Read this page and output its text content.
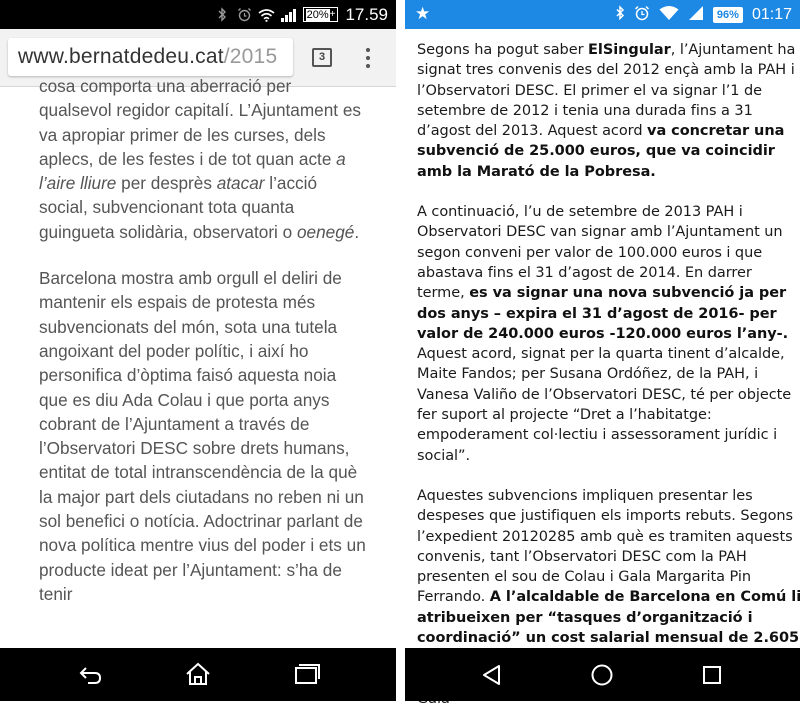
20% + 17.59
www.bernatdedeu.cat/2015	3

cosa comporta una aberració per

qualsevol regidor capitalí. L’Ajuntament es va apropiar primer de les curses, dels aplecs, de les festes i de tot quan acte a l’aire lliure per desprès atacar l’acció social, subvencionant tota quanta guingueta solidària, observatori o oenegé.

Barcelona mostra amb orgull el deliri de mantenir els espais de protesta més subvencionats del món, sota una tutela angoixant del poder polític, i així ho personifica d’òptima faisó aquesta noia que es diu Ada Colau i que porta anys cobrant de l’Ajuntament a través de l’Observatori DESC sobre drets humans, entitat de total intranscendència de la què la major part dels ciutadans no reben ni un sol benefici o notícia. Adoctrinar parlant de nova política mentre vius del poder i ets un producte ideat per l’Ajuntament: s’ha de tenir

★	96% 01:17

Segons ha pogut saber ElSingular, l’Ajuntament ha signat tres convenis des del 2012 ençà amb la PAH i l’Observatori DESC. El primer el va signar l’1 de setembre de 2012 i tenia una durada fins a 31 d’agost del 2013. Aquest acord va concretar una subvenció de 25.000 euros, que va coincidir amb la Marató de la Pobresa.

A continuació, l’u de setembre de 2013 PAH i Observatori DESC van signar amb l’Ajuntament un segon conveni per valor de 100.000 euros i que abastava fins el 31 d’agost de 2014. En darrer terme, es va signar una nova subvenció ja per dos anys – expira el 31 d’agost de 2016- per valor de 240.000 euros -120.000 euros l’any-. Aquest acord, signat per la quarta tinent d’alcalde, Maite Fandos; per Susana Ordóñez, de la PAH, i Vanesa Valiño de l’Observatori DESC, té per objecte fer suport al projecte “Dret a l’habitatge: empoderament col·lectiu i assessorament jurídic i social”.

Aquestes subvencions impliquen presentar les despeses que justifiquen els imports rebuts. Segons l’expedient 20120285 amb què es tramiten aquests convenis, tant l’Observatori DESC com la PAH presenten el sou de Colau i Gala Margarita Pin Ferrando. A l’alcaldable de Barcelona en Comú li atribueixen per “tasques d’organització i coordinació” un cost salarial mensual de 2.605
